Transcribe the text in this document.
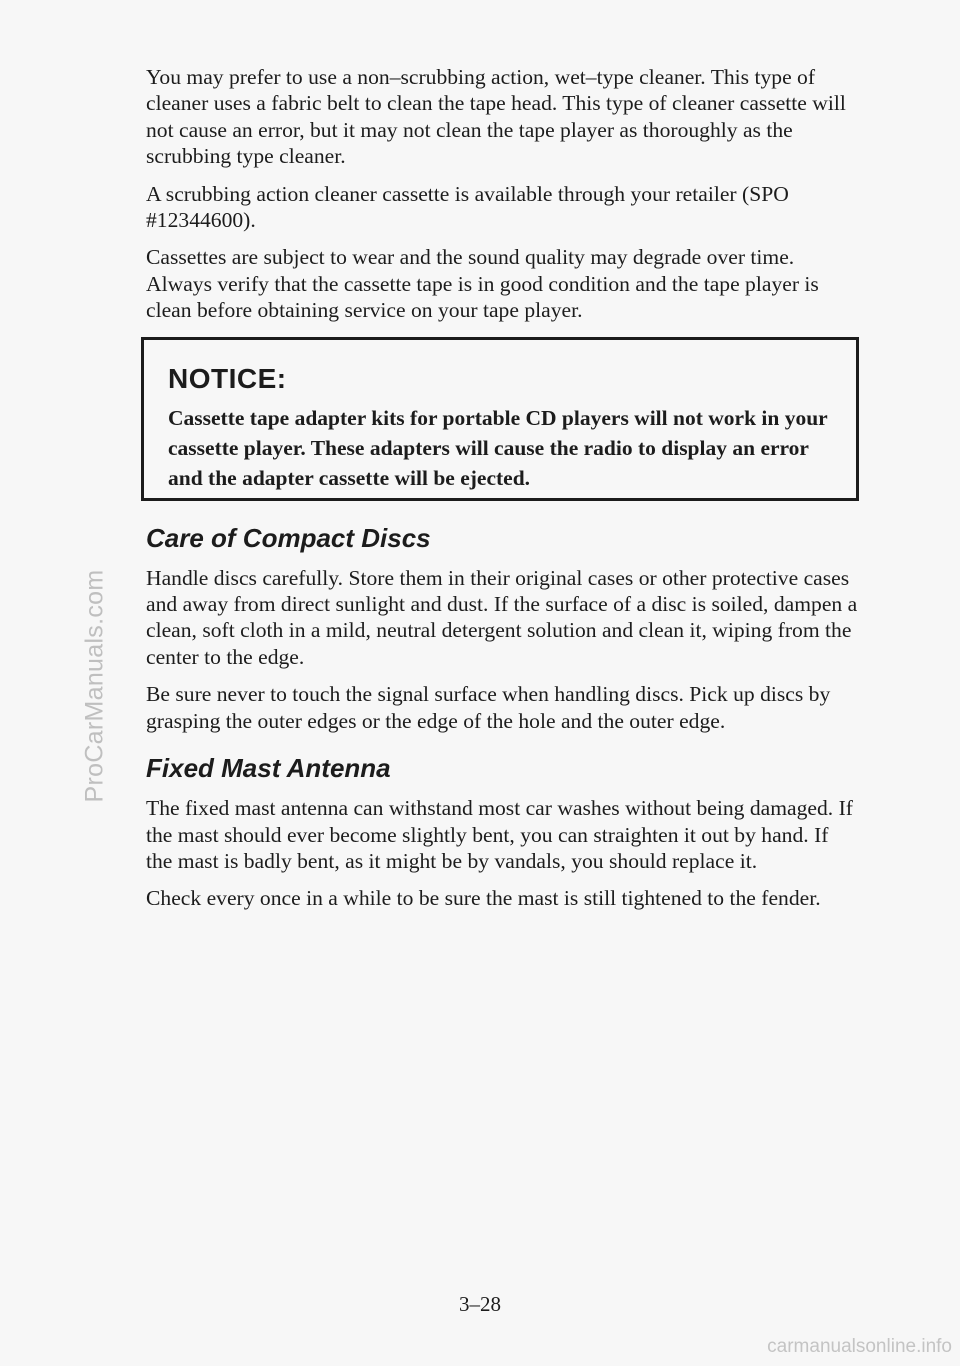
ProCarManuals.com

You may prefer to use a non–scrubbing action, wet–type cleaner. This type of cleaner uses a fabric belt to clean the tape head. This type of cleaner cassette will not cause an error, but it may not clean the tape player as thoroughly as the scrubbing type cleaner.

A scrubbing action cleaner cassette is available through your retailer (SPO #12344600).

Cassettes are subject to wear and the sound quality may degrade over time. Always verify that the cassette tape is in good condition and the tape player is clean before obtaining service on your tape player.

NOTICE:

Cassette tape adapter kits for portable CD players will not work in your cassette player. These adapters will cause the radio to display an error and the adapter cassette will be ejected.

Care of Compact Discs

Handle discs carefully. Store them in their original cases or other protective cases and away from direct sunlight and dust. If the surface of a disc is soiled, dampen a clean, soft cloth in a mild, neutral detergent solution and clean it, wiping from the center to the edge.

Be sure never to touch the signal surface when handling discs. Pick up discs by grasping the outer edges or the edge of the hole and the outer edge.

Fixed Mast Antenna

The fixed mast antenna can withstand most car washes without being damaged. If the mast should ever become slightly bent, you can straighten it out by hand. If the mast is badly bent, as it might be by vandals, you should replace it.

Check every once in a while to be sure the mast is still tightened to the fender.

3–28
carmanualsonline.info
